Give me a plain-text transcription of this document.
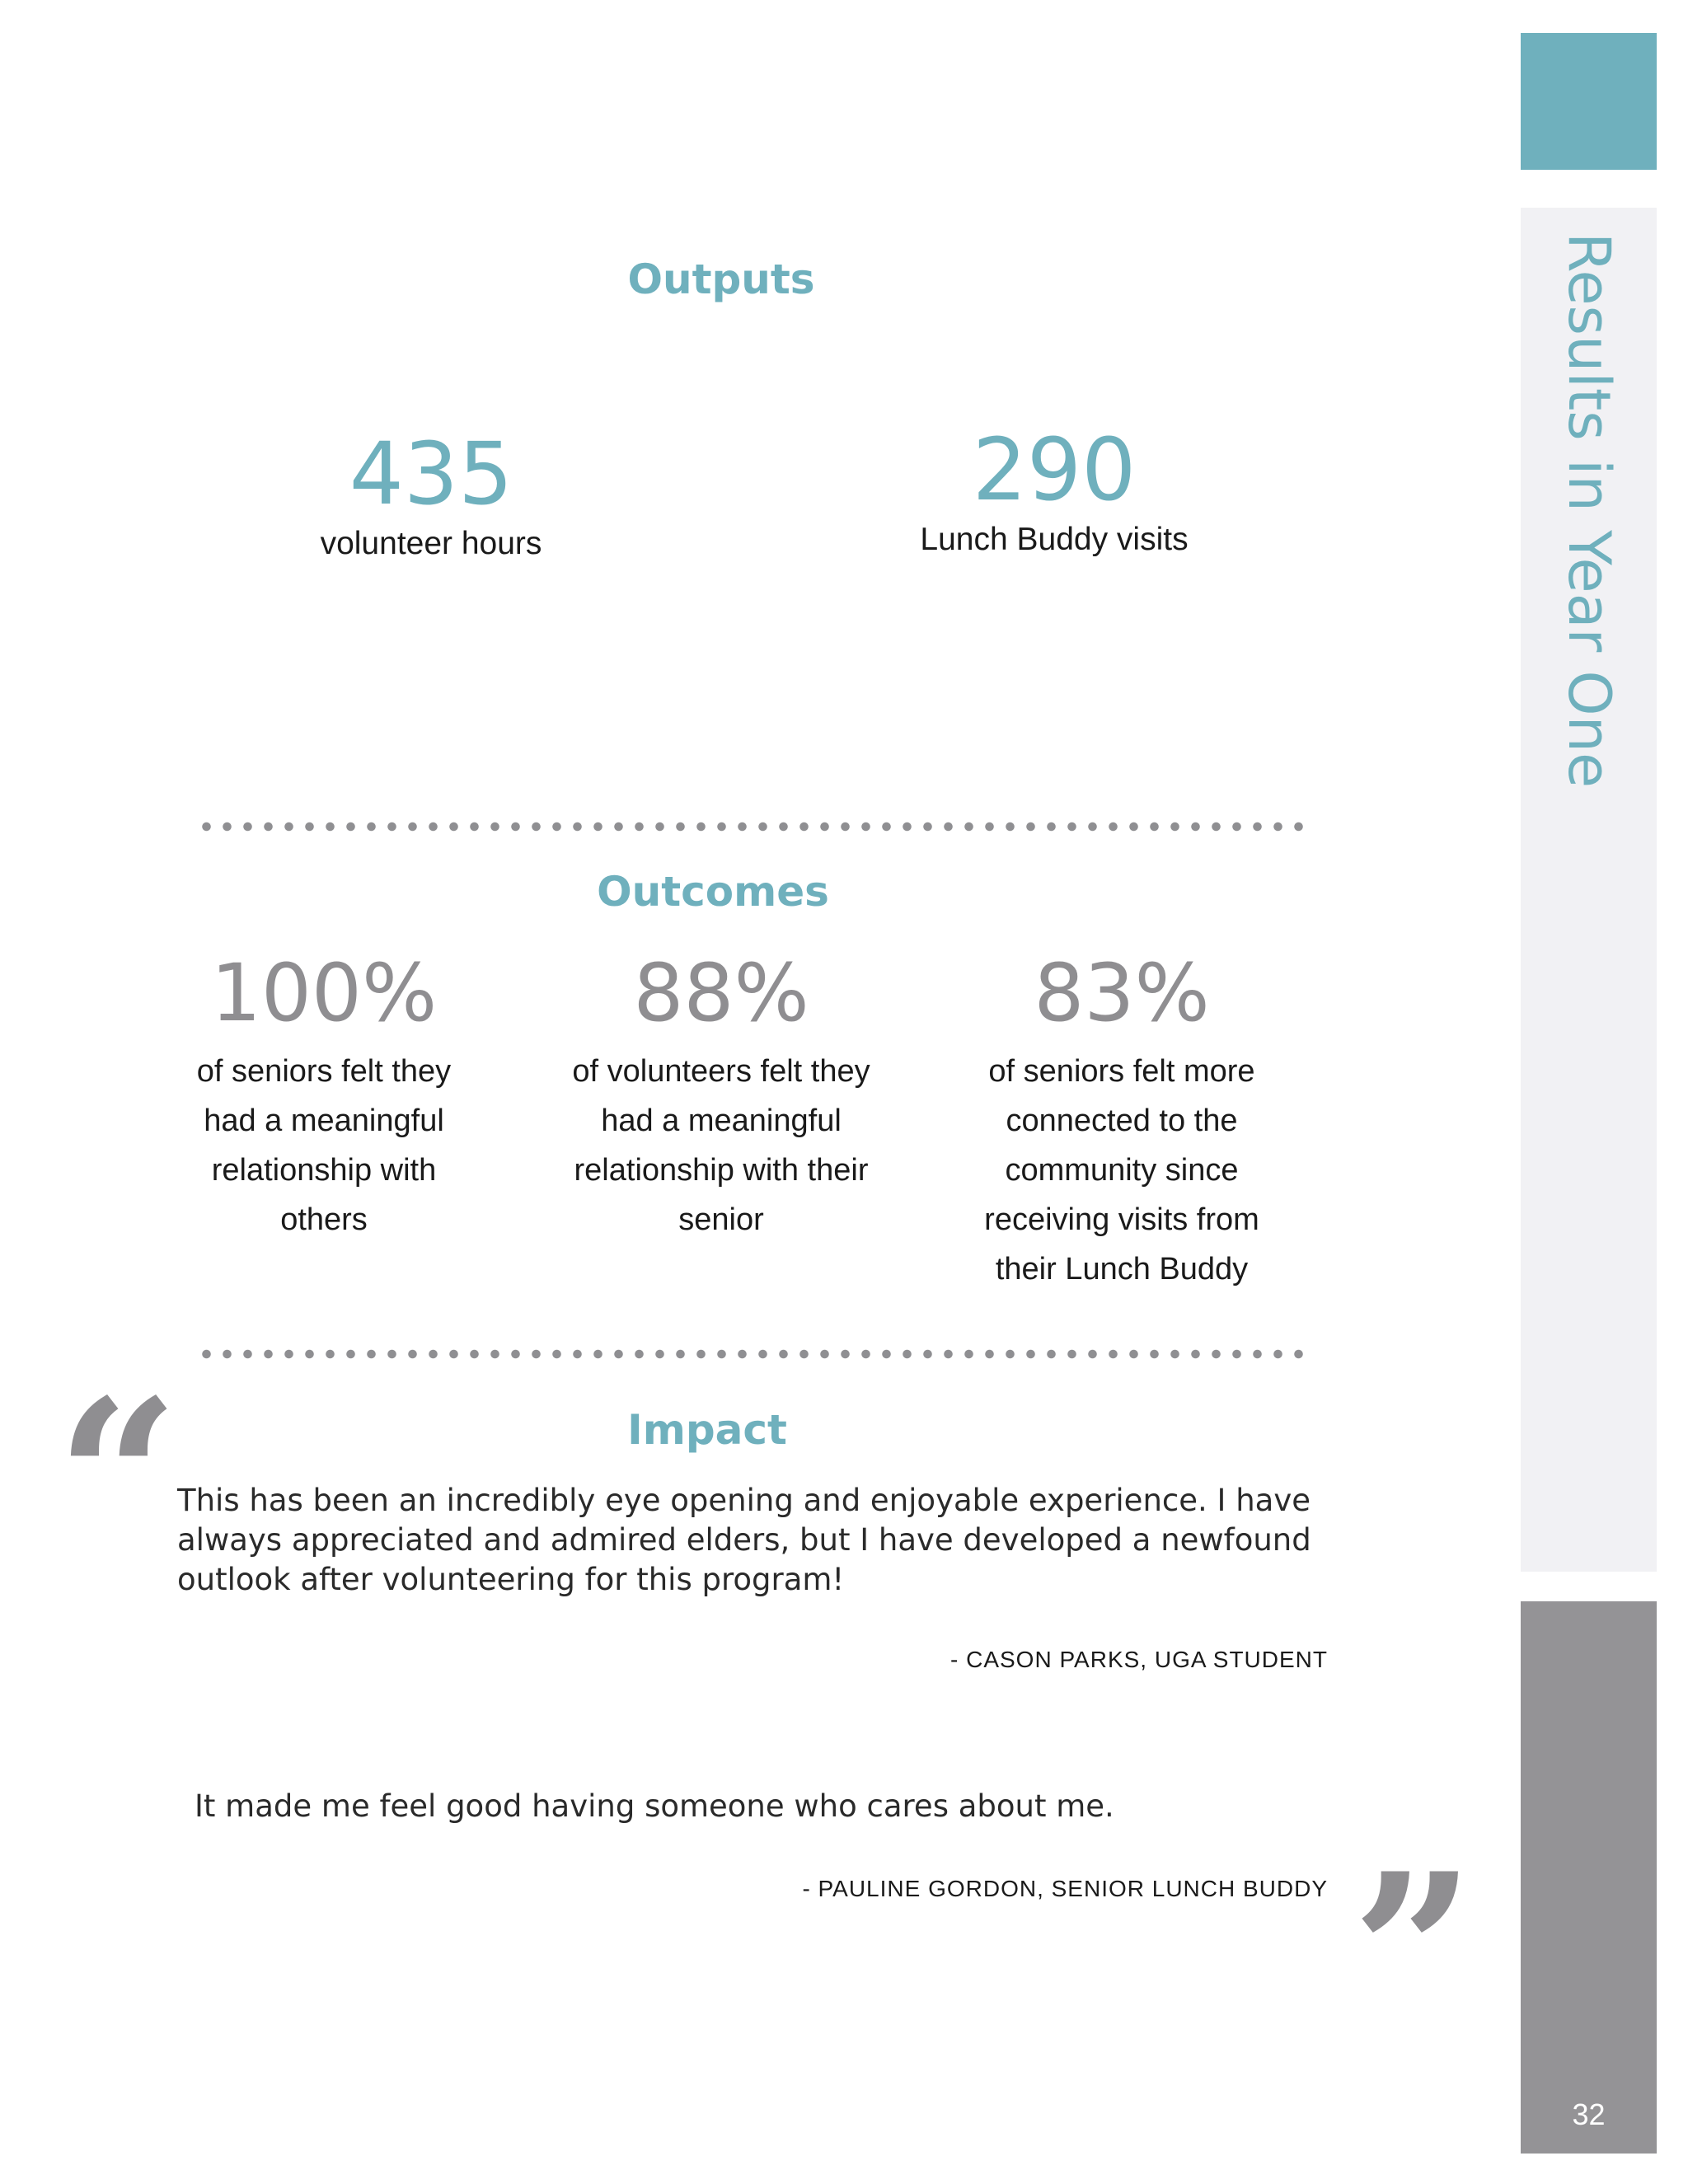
Results in Year One
32
Outputs
435
volunteer hours
290
Lunch Buddy visits
Outcomes
100%
of seniors felt they had a meaningful relationship with others
88%
of volunteers felt they had a meaningful relationship with their senior
83%
of seniors felt more connected to the community since receiving visits from their Lunch Buddy
“	Impact
This has been an incredibly eye opening and enjoyable experience. I have always appreciated and admired elders, but I have developed a newfound outlook after volunteering for this program!
- CASON PARKS, UGA STUDENT
It made me feel good having someone who cares about me.
- PAULINE GORDON, SENIOR LUNCH BUDDY ”
